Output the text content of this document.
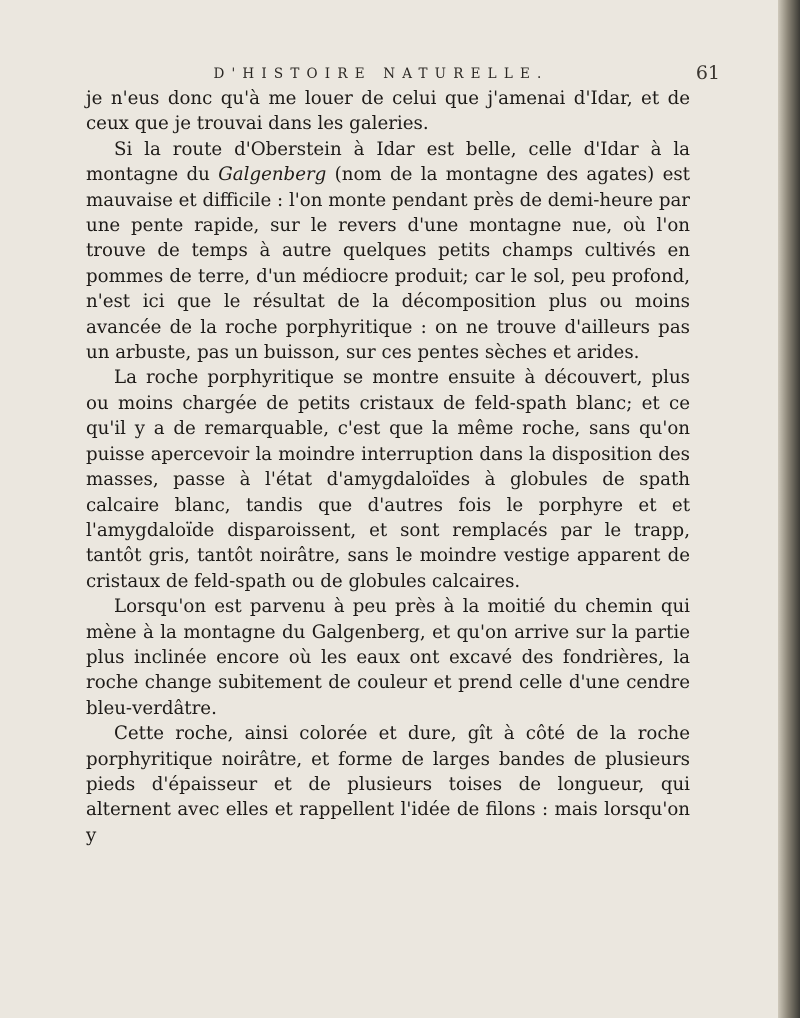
D'HISTOIRE NATURELLE.	61

je n'eus donc qu'à me louer de celui que j'amenai d'Idar, et de ceux que je trouvai dans les galeries.

Si la route d'Oberstein à Idar est belle, celle d'Idar à la montagne du Galgenberg (nom de la montagne des agates) est mauvaise et difficile : l'on monte pendant près de demi-heure par une pente rapide, sur le revers d'une montagne nue, où l'on trouve de temps à autre quelques petits champs cultivés en pommes de terre, d'un médiocre produit; car le sol, peu profond, n'est ici que le résultat de la décomposition plus ou moins avancée de la roche porphyritique : on ne trouve d'ailleurs pas un arbuste, pas un buisson, sur ces pentes sèches et arides.

La roche porphyritique se montre ensuite à découvert, plus ou moins chargée de petits cristaux de feld-spath blanc; et ce qu'il y a de remarquable, c'est que la même roche, sans qu'on puisse apercevoir la moindre interruption dans la disposition des masses, passe à l'état d'amygdaloïdes à globules de spath calcaire blanc, tandis que d'autres fois le porphyre et et l'amygdaloïde disparoissent, et sont remplacés par le trapp, tantôt gris, tantôt noirâtre, sans le moindre vestige apparent de cristaux de feld-spath ou de globules calcaires.

Lorsqu'on est parvenu à peu près à la moitié du chemin qui mène à la montagne du Galgenberg, et qu'on arrive sur la partie plus inclinée encore où les eaux ont excavé des fondrières, la roche change subitement de couleur et prend celle d'une cendre bleu-verdâtre.

Cette roche, ainsi colorée et dure, gît à côté de la roche porphyritique noirâtre, et forme de larges bandes de plusieurs pieds d'épaisseur et de plusieurs toises de longueur, qui alternent avec elles et rappellent l'idée de filons : mais lorsqu'on y
